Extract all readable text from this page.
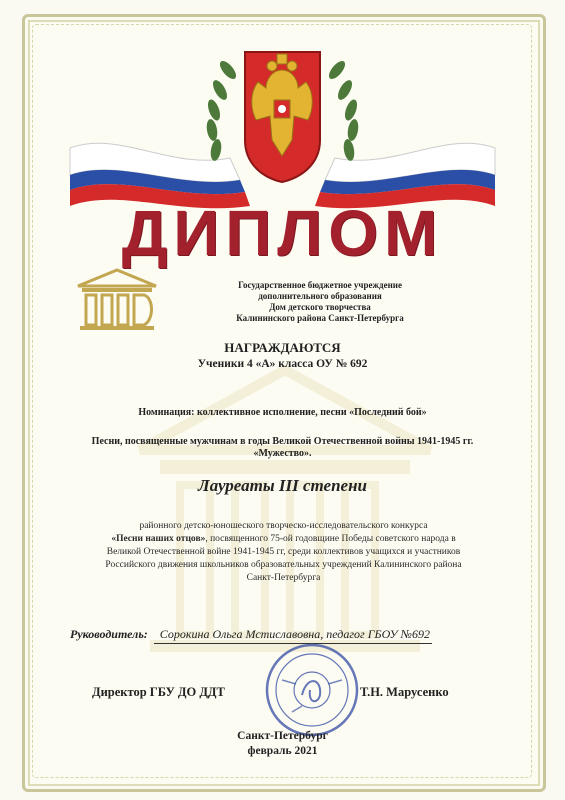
ДИПЛОМ
Государственное бюджетное учреждение
дополнительного образования
Дом детского творчества
Калининского района Санкт-Петербурга
НАГРАЖДАЮТСЯ
Ученики 4 «А» класса ОУ № 692
Номинация: коллективное исполнение, песни «Последний бой»
Песни, посвященные мужчинам в годы Великой Отечественной войны 1941-1945 гг.
«Мужество».
Лауреаты III степени
районного детско-юношеского творческо-исследовательского конкурса
«Песни наших отцов», посвященного 75-ой годовщине Победы советского народа в
Великой Отечественной войне 1941-1945 гг, среди коллективов учащихся и участников
Российского движения школьников образовательных учреждений Калининского района
Санкт-Петербурга
Руководитель: Сорокина Ольга Мстиславовна, педагог ГБОУ №692
Директор ГБУ ДО ДДТ	Т.Н. Марусенко
Санкт-Петербург
февраль 2021
